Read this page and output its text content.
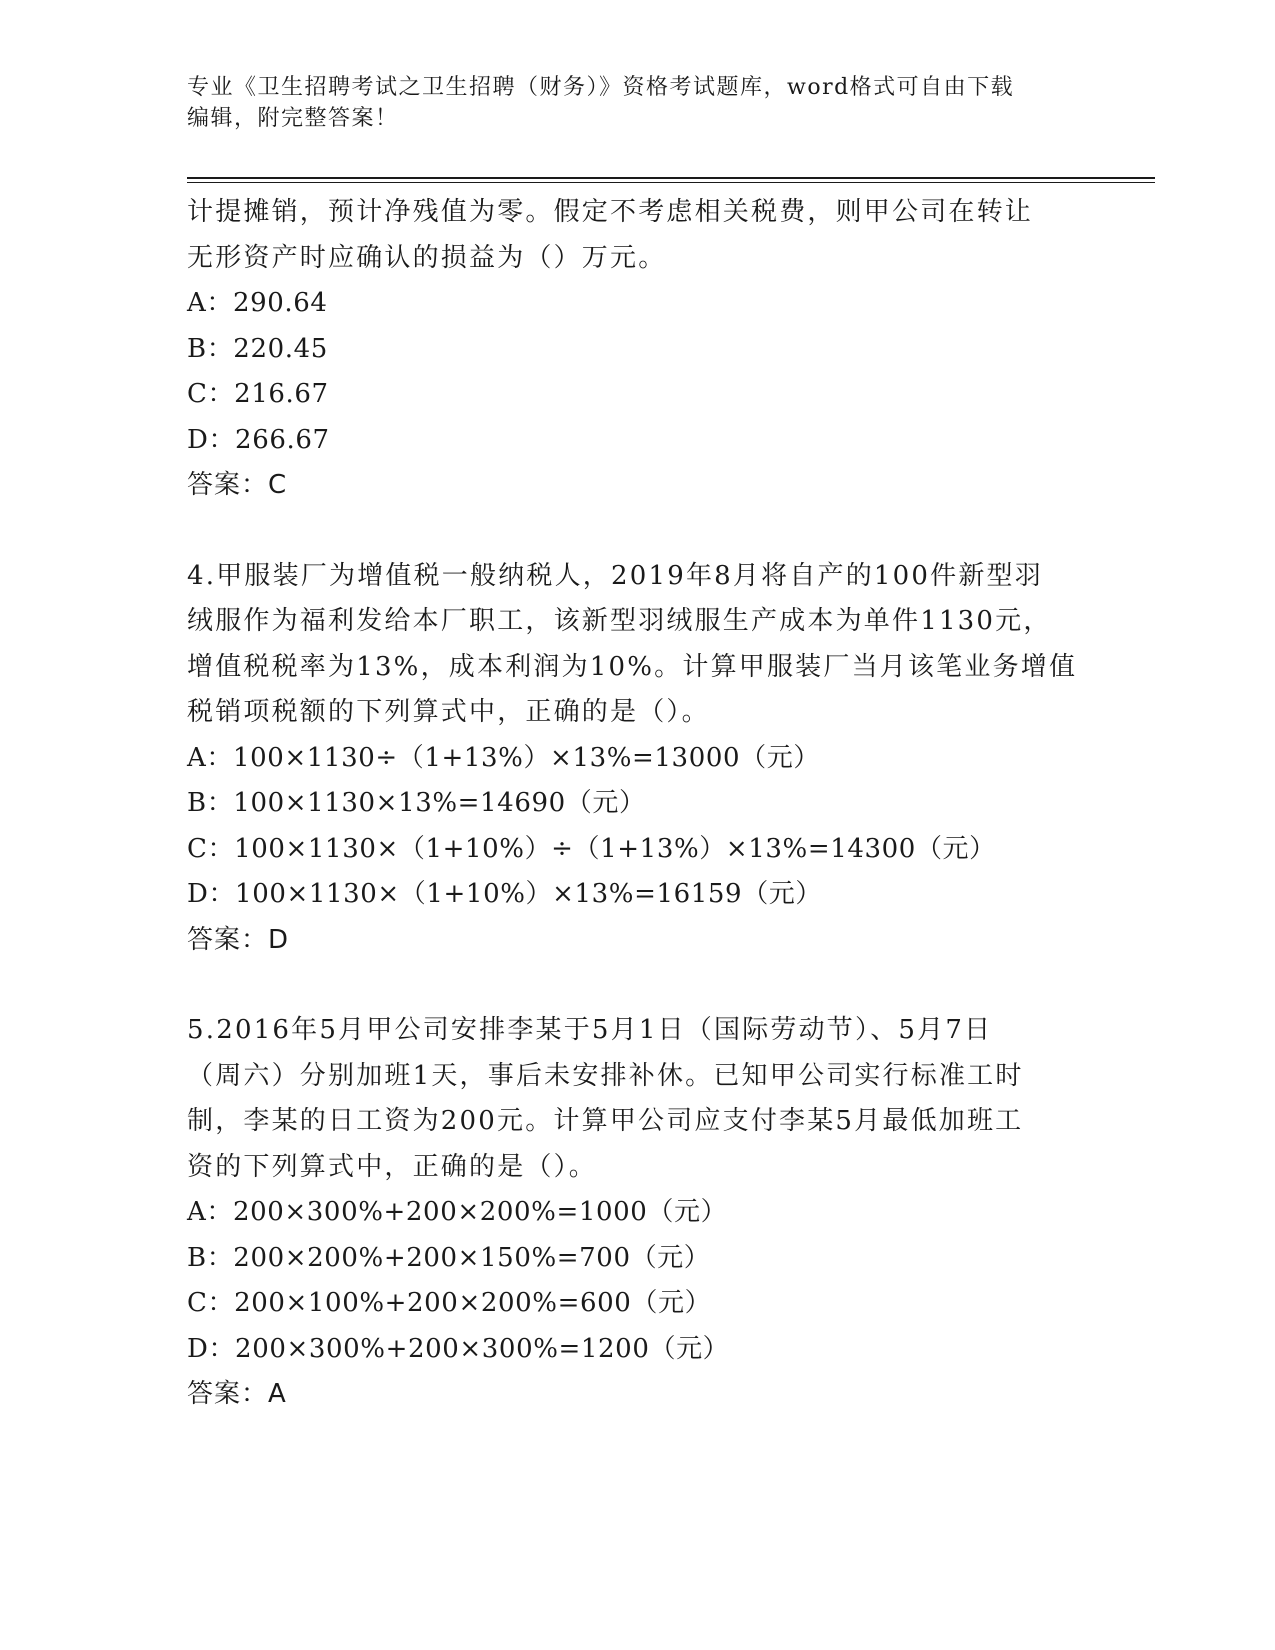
专业《卫生招聘考试之卫生招聘（财务）》资格考试题库，word格式可自由下载
编辑，附完整答案！
计提摊销，预计净残值为零。假定不考虑相关税费，则甲公司在转让
无形资产时应确认的损益为（）万元。
A：290.64
B：220.45
C：216.67
D：266.67
答案：C
4.甲服装厂为增值税一般纳税人，2019年8月将自产的100件新型羽
绒服作为福利发给本厂职工，该新型羽绒服生产成本为单件1130元，
增值税税率为13%，成本利润为10%。计算甲服装厂当月该笔业务增值
税销项税额的下列算式中，正确的是（）。
A：100×1130÷（1+13%）×13%=13000（元）
B：100×1130×13%=14690（元）
C：100×1130×（1+10%）÷（1+13%）×13%=14300（元）
D：100×1130×（1+10%）×13%=16159（元）
答案：D
5.2016年5月甲公司安排李某于5月1日（国际劳动节）、5月7日
（周六）分别加班1天，事后未安排补休。已知甲公司实行标准工时
制，李某的日工资为200元。计算甲公司应支付李某5月最低加班工
资的下列算式中，正确的是（）。
A：200×300%+200×200%=1000（元）
B：200×200%+200×150%=700（元）
C：200×100%+200×200%=600（元）
D：200×300%+200×300%=1200（元）
答案：A
